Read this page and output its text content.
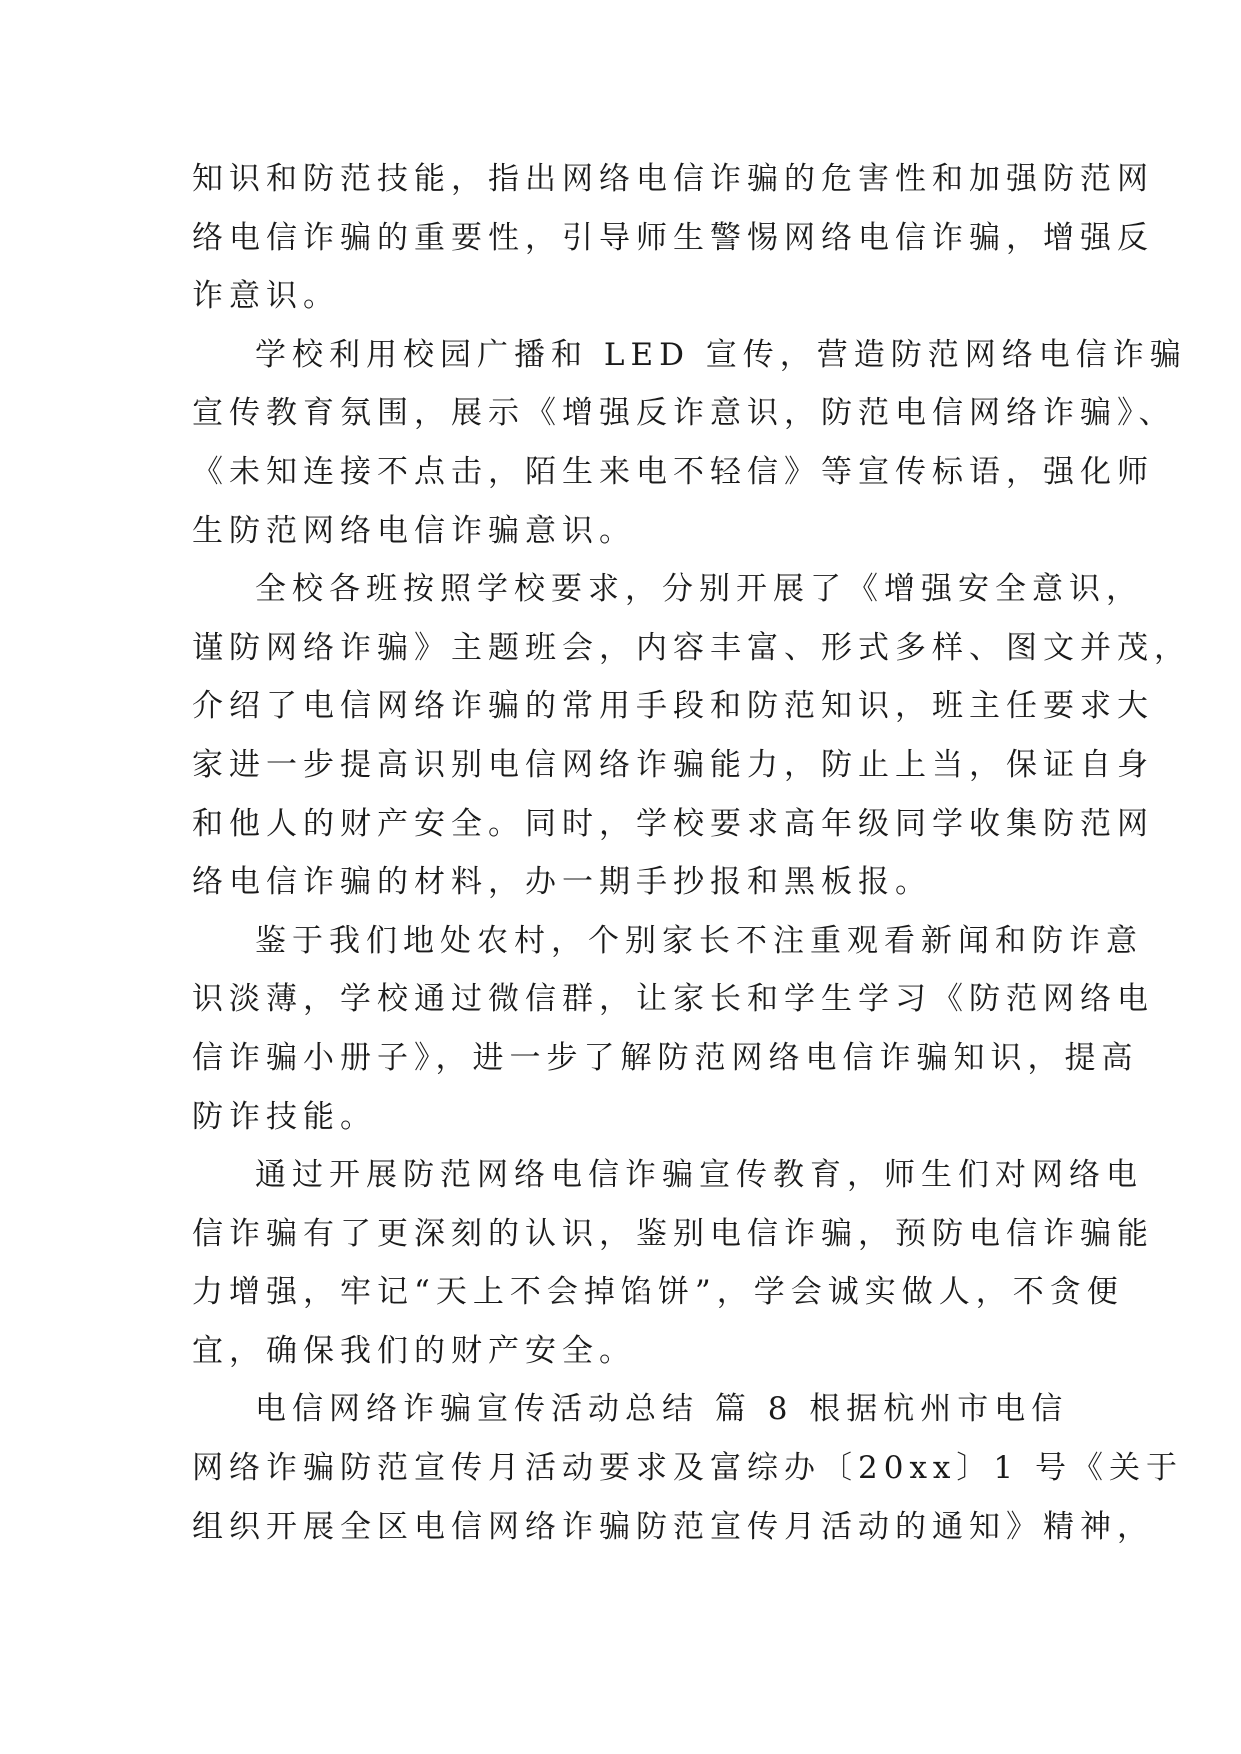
知识和防范技能，指出网络电信诈骗的危害性和加强防范网
络电信诈骗的重要性，引导师生警惕网络电信诈骗，增强反
诈意识。
学校利用校园广播和 LED 宣传，营造防范网络电信诈骗
宣传教育氛围，展示《增强反诈意识，防范电信网络诈骗》、
《未知连接不点击，陌生来电不轻信》等宣传标语，强化师
生防范网络电信诈骗意识。
全校各班按照学校要求，分别开展了《增强安全意识，
谨防网络诈骗》主题班会，内容丰富、形式多样、图文并茂，
介绍了电信网络诈骗的常用手段和防范知识，班主任要求大
家进一步提高识别电信网络诈骗能力，防止上当，保证自身
和他人的财产安全。同时，学校要求高年级同学收集防范网
络电信诈骗的材料，办一期手抄报和黑板报。
鉴于我们地处农村，个别家长不注重观看新闻和防诈意
识淡薄，学校通过微信群，让家长和学生学习《防范网络电
信诈骗小册子》，进一步了解防范网络电信诈骗知识，提高
防诈技能。
通过开展防范网络电信诈骗宣传教育，师生们对网络电
信诈骗有了更深刻的认识，鉴别电信诈骗，预防电信诈骗能
力增强，牢记“天上不会掉馅饼”，学会诚实做人，不贪便
宜，确保我们的财产安全。
电信网络诈骗宣传活动总结 篇 8 根据杭州市电信
网络诈骗防范宣传月活动要求及富综办〔20xx〕1 号《关于
组织开展全区电信网络诈骗防范宣传月活动的通知》精神，
